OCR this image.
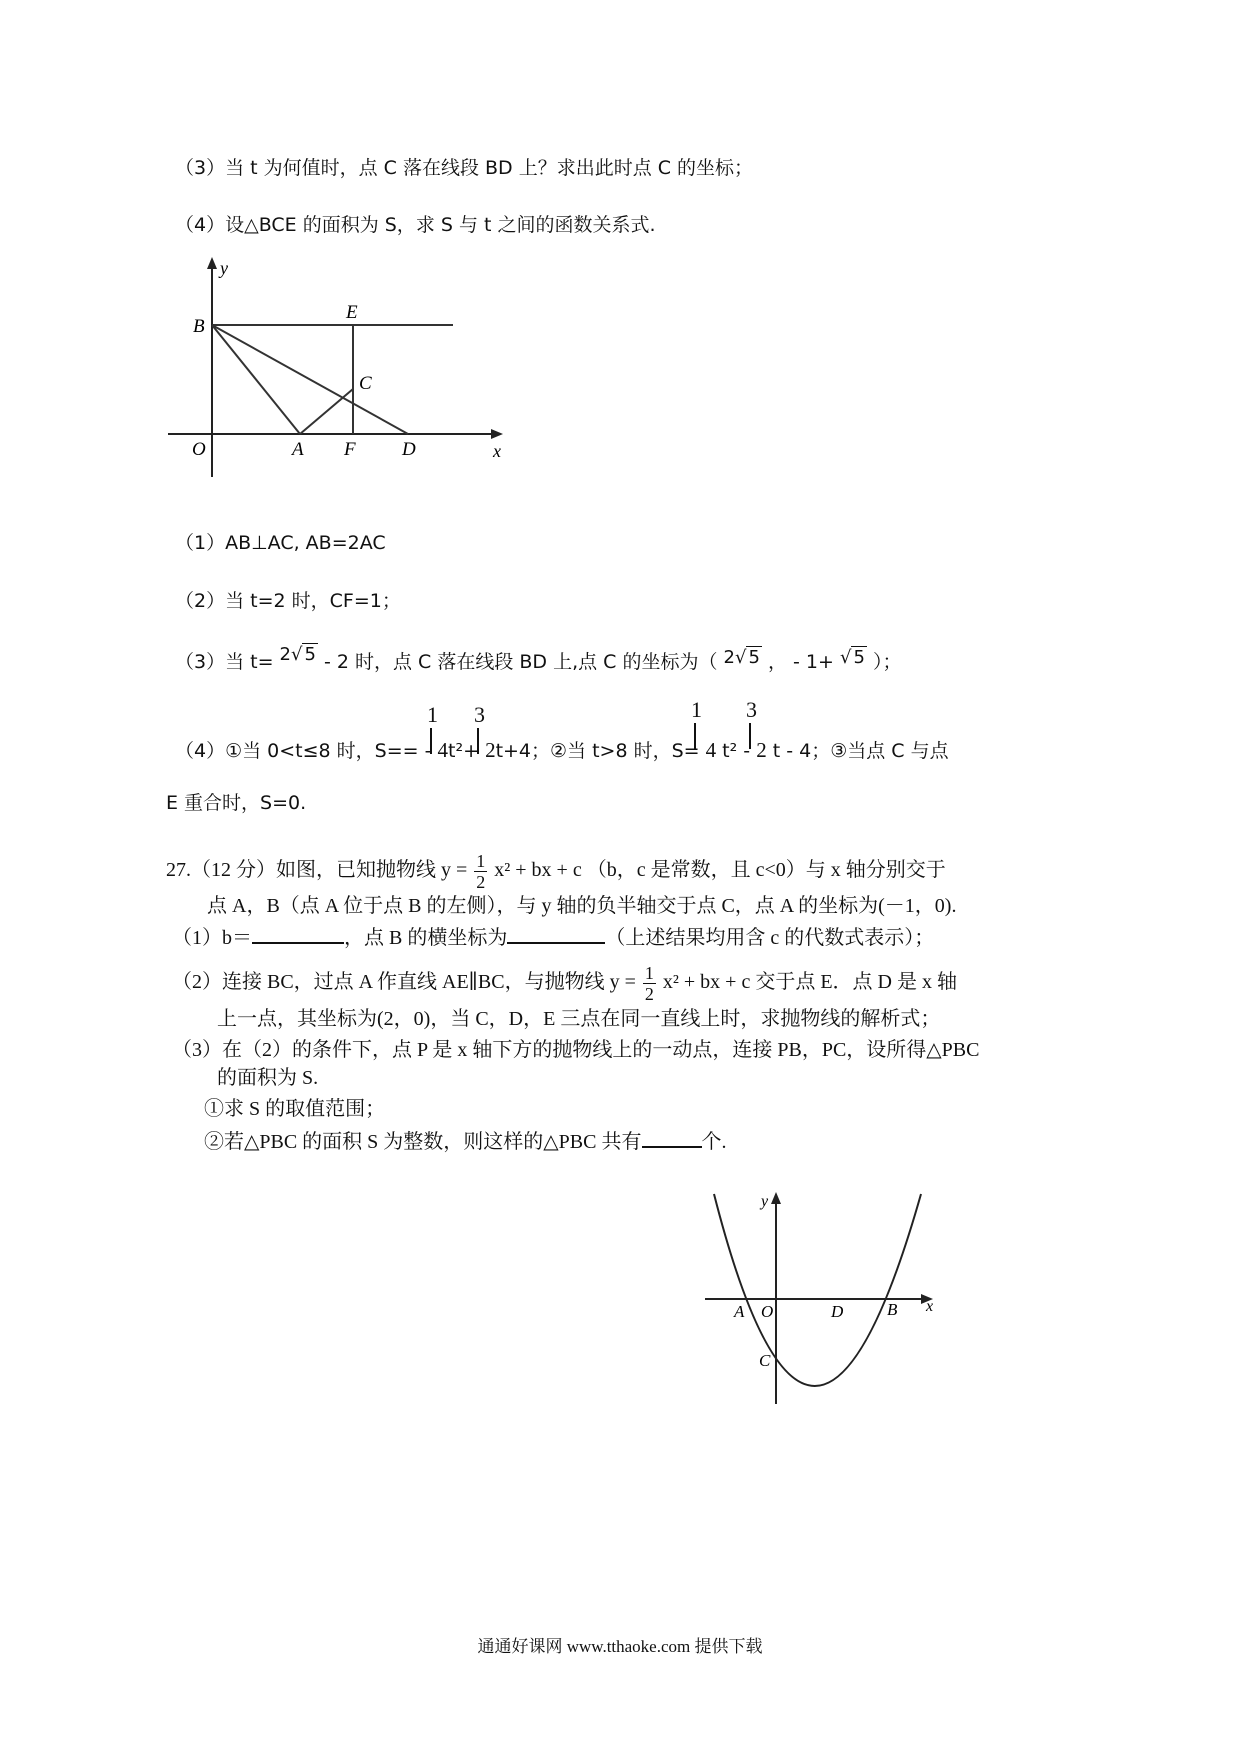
（3）当 t 为何值时，点 C 落在线段 BD 上？求出此时点 C 的坐标；
（4）设△BCE 的面积为 S，求 S 与 t 之间的函数关系式.
y
x
O	A F D
B
E
C
（1）AB⊥AC, AB=2AC
（2）当 t=2 时，CF=1；
（3）当 t= 2√ 5 - 2 时，点 C 落在线段 BD 上,点 C 的坐标为（ 2√ 5 ， - 1+ √ 5 ）；
1 3	1 3
（4）①当 0<t≤8 时，S== - 4t²+ 2t+4；②当 t>8 时，S= 4 t² - 2 t - 4；③当点 C 与点
E 重合时，S=0.
27.（12 分）如图，已知抛物线 $y = \frac{1}{2} x^2$ + bx + c （b，c 是常数，且 c<0）与 x 轴分别交于
点 A，B（点 A 位于点 B 的左侧），与 y 轴的负半轴交于点 C，点 A 的坐标为(－1，0).
（1）b＝	，点 B 的横坐标为	（上述结果均用含 c 的代数式表示）；
（2）连接 BC，过点 A 作直线 AE∥BC，与抛物线 $y = \frac{1}{2} x^2$ + bx + c 交于点 E．点 D 是 x 轴
上一点，其坐标为(2，0)，当 C，D，E 三点在同一直线上时，求抛物线的解析式；
（3）在（2）的条件下，点 P 是 x 轴下方的抛物线上的一动点，连接 PB，PC，设所得△PBC
的面积为 S.
①求 S 的取值范围；
②若△PBC 的面积 S 为整数，则这样的△PBC 共有	个.
y
x
A O	D	B
C
通通好课网 www.tthaoke.com 提供下载
